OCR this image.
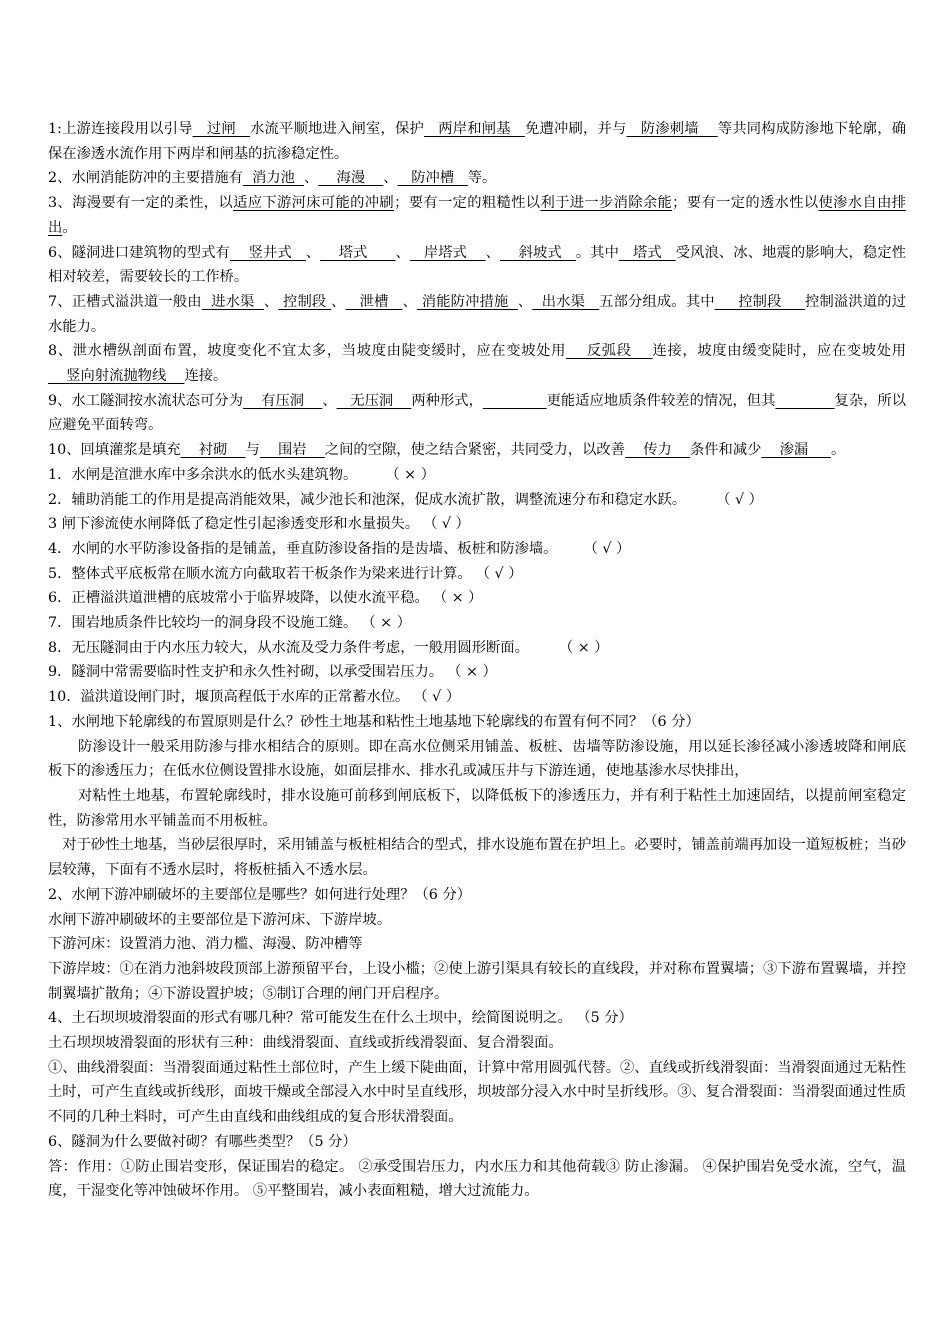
1:上游连接段用以引导   过闸   水流平顺地进入闸室，保护   两岸和闸基   免遭冲刷，并与   防渗刺墙    等共同构成防渗地下轮廓，确保在渗透水流作用下两岸和闸基的抗渗稳定性。

2、水闸消能防冲的主要措施有  消力池  、    海漫    、   防冲槽   等。

3、海漫要有一定的柔性，以适应下游河床可能的冲刷；要有一定的粗糙性以利于进一步消除余能；要有一定的透水性以使渗水自由排出。

6、隧洞进口建筑物的型式有    竖井式   、    塔式      、   岸塔式    、    斜坡式   。其中   塔式   受风浪、冰、地震的影响大，稳定性相对较差，需要较长的工作桥。

7、正槽式溢洪道一般由  进水渠  、 控制段 、   泄槽   、 消能防冲措施  、  出水渠   五部分组成。其中     控制段     控制溢洪道的过水能力。

8、泄水槽纵剖面布置，坡度变化不宜太多，当坡度由陡变缓时，应在变坡处用    反弧段    连接，坡度由缓变陡时，应在变坡处用    竖向射流抛物线    连接。

9、水工隧洞按水流状态可分为    有压洞    、   无压洞    两种形式，	更能适应地质条件较差的情况，但其	复杂，所以应避免平面转弯。

10、回填灌浆是填充    衬砌    与    围岩    之间的空隙，使之结合紧密，共同受力，以改善    传力    条件和减少    渗漏     。

1．水闸是渲泄水库中多余洪水的低水头建筑物。 （ × ）

2．辅助消能工的作用是提高消能效果，减少池长和池深，促成水流扩散，调整流速分布和稳定水跃。 （ √ ）

3 闸下渗流使水闸降低了稳定性引起渗透变形和水量损失。 （ √ ）

4．水闸的水平防渗设备指的是铺盖，垂直防渗设备指的是齿墙、板桩和防渗墙。 （ √ ）

5．整体式平底板常在顺水流方向截取若干板条作为梁来进行计算。 （ √ ）

6．正槽溢洪道泄槽的底坡常小于临界坡降，以使水流平稳。 （ × ）

7．围岩地质条件比较均一的洞身段不设施工缝。 （ × ）

8．无压隧洞由于内水压力较大，从水流及受力条件考虑，一般用圆形断面。 （ × ）

9．隧洞中常需要临时性支护和永久性衬砌，以承受围岩压力。 （ × ）

10．溢洪道设闸门时，堰顶高程低于水库的正常蓄水位。 （ √ ）

1、水闸地下轮廓线的布置原则是什么？砂性土地基和粘性土地基地下轮廓线的布置有何不同？（6 分）

防渗设计一般采用防渗与排水相结合的原则。即在高水位侧采用铺盖、板桩、齿墙等防渗设施，用以延长渗径减小渗透坡降和闸底板下的渗透压力；在低水位侧设置排水设施，如面层排水、排水孔或减压井与下游连通，使地基渗水尽快排出，

对粘性土地基，布置轮廓线时，排水设施可前移到闸底板下，以降低板下的渗透压力，并有利于粘性土加速固结，以提前闸室稳定性，防渗常用水平铺盖而不用板桩。

对于砂性土地基，当砂层很厚时，采用铺盖与板桩相结合的型式，排水设施布置在护坦上。必要时，铺盖前端再加设一道短板桩；当砂层较薄，下面有不透水层时，将板桩插入不透水层。

2、水闸下游冲刷破坏的主要部位是哪些？如何进行处理？（6 分）

水闸下游冲刷破坏的主要部位是下游河床、下游岸坡。

下游河床：设置消力池、消力槛、海漫、防冲槽等

下游岸坡：①在消力池斜坡段顶部上游预留平台，上设小槛；②使上游引渠具有较长的直线段，并对称布置翼墙；③下游布置翼墙，并控制翼墙扩散角；④下游设置护坡；⑤制订合理的闸门开启程序。

4、土石坝坝坡滑裂面的形式有哪几种？常可能发生在什么土坝中，绘简图说明之。 （5 分）

土石坝坝坡滑裂面的形状有三种：曲线滑裂面、直线或折线滑裂面、复合滑裂面。

①、曲线滑裂面：当滑裂面通过粘性土部位时，产生上缓下陡曲面，计算中常用圆弧代替。②、直线或折线滑裂面：当滑裂面通过无粘性土时，可产生直线或折线形，面坡干燥或全部浸入水中时呈直线形，坝坡部分浸入水中时呈折线形。③、复合滑裂面：当滑裂面通过性质不同的几种土料时，可产生由直线和曲线组成的复合形状滑裂面。

6、隧洞为什么要做衬砌？有哪些类型？（5 分）

答：作用：①防止围岩变形，保证围岩的稳定。 ②承受围岩压力，内水压力和其他荷载③ 防止渗漏。 ④保护围岩免受水流，空气，温度，干湿变化等冲蚀破坏作用。 ⑤平整围岩，减小表面粗糙，增大过流能力。
